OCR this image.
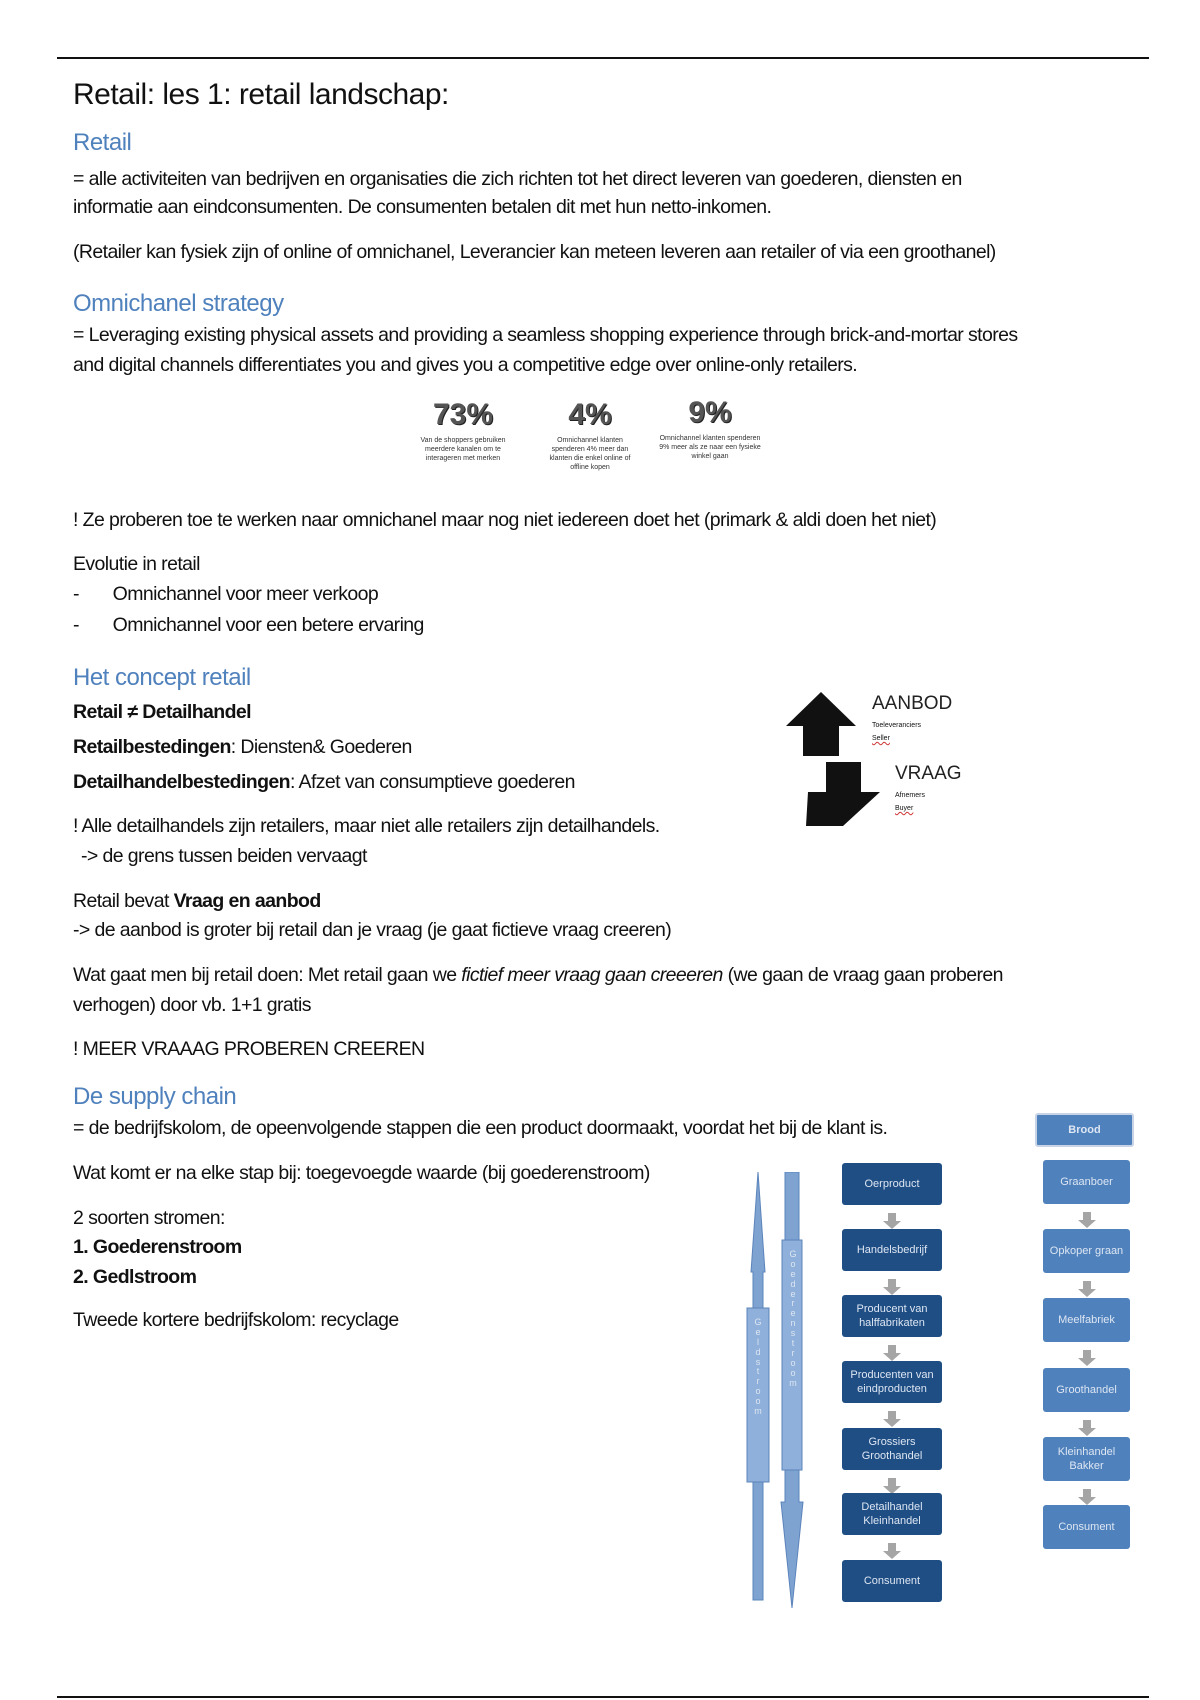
Retail: les 1: retail landschap:
Retail
= alle activiteiten van bedrijven en organisaties die zich richten tot het direct leveren van goederen, diensten en
informatie aan eindconsumenten. De consumenten betalen dit met hun netto-inkomen.
(Retailer kan fysiek zijn of online of omnichanel, Leverancier kan meteen leveren aan retailer of via een groothanel)
Omnichanel strategy
= Leveraging existing physical assets and providing a seamless shopping experience through brick-and-mortar stores
and digital channels differentiates you and gives you a competitive edge over online-only retailers.
73%
Van de shoppers gebruiken meerdere kanalen om te interageren met merken
4%
Omnichannel klanten spenderen 4% meer dan klanten die enkel online of offline kopen
9%
Omnichannel klanten spenderen 9% meer als ze naar een fysieke winkel gaan
! Ze proberen toe te werken naar omnichanel maar nog niet iedereen doet het (primark & aldi doen het niet)
Evolutie in retail
-       Omnichannel voor meer verkoop
-       Omnichannel voor een betere ervaring
Het concept retail
Retail ≠ Detailhandel
Retailbestedingen: Diensten& Goederen
Detailhandelbestedingen: Afzet van consumptieve goederen
! Alle detailhandels zijn retailers, maar niet alle retailers zijn detailhandels.
-> de grens tussen beiden vervaagt
Retail bevat Vraag en aanbod
-> de aanbod is groter bij retail dan je vraag (je gaat fictieve vraag creeren)
Wat gaat men bij retail doen: Met retail gaan we fictief meer vraag gaan creeeren (we gaan de vraag gaan proberen
verhogen) door vb. 1+1 gratis
! MEER VRAAAG PROBEREN CREEREN
AANBOD
Toeleveranciers
Seller
VRAAG
Afnemers
Buyer
De supply chain
= de bedrijfskolom, de opeenvolgende stappen die een product doormaakt, voordat het bij de klant is.
Wat komt er na elke stap bij: toegevoegde waarde (bij goederenstroom)
2 soorten stromen:
1. Goederenstroom
2. Gedlstroom
Tweede kortere bedrijfskolom: recyclage	G
e
l
d
s
t
r
o
o
m
G
o
e
d
e
r
e
n
s
t
r
o
o
m
Oerproduct
Handelsbedrijf
Producent van halffabrikaten
Producenten van eindproducten
Grossiers Groothandel
Detailhandel Kleinhandel
Consument
Brood
Graanboer
Opkoper graan
Meelfabriek
Groothandel
Kleinhandel Bakker
Consument
